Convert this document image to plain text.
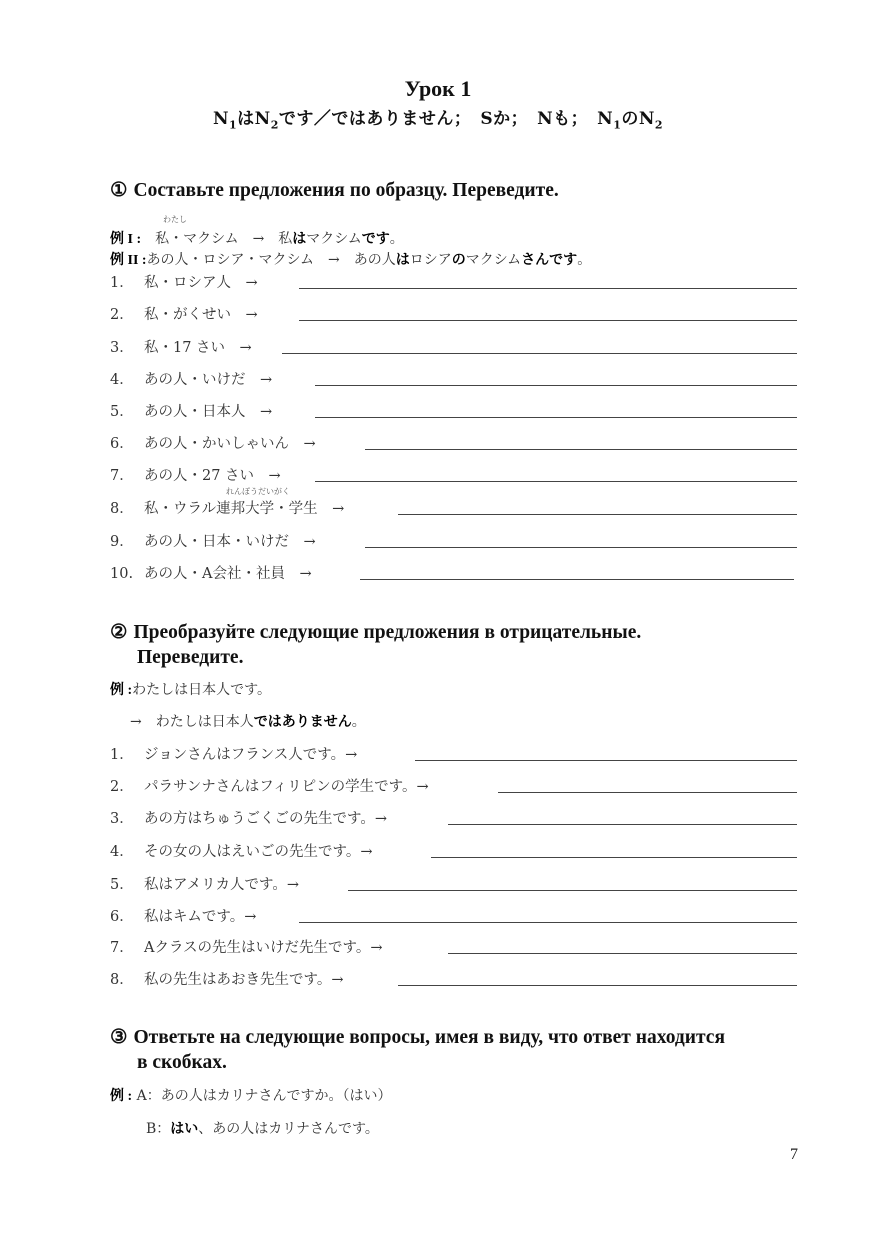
Урок 1
$N_1$は$N_2$です／ではありません；　Sか；　Nも；　$N_1$の$N_2$
① Составьте предложения по образцу. Переведите.
わたし
例 I :　 私・マクシム　→　私はマクシムです。
例 II :あの人・ロシア・マクシム　→　あの人はロシアのマクシムさんです。
れんぽうだいがく
1． 私・ロシア人　→
2． 私・がくせい　→
3． 私・17 さい　→
4． あの人・いけだ　→
5． あの人・日本人　→
6． あの人・かいしゃいん　→
7． あの人・27 さい　→
8． 私・ウラル連邦大学・学生　→
9． あの人・日本・いけだ　→
10. あの人・A会社・社員　→
② Преобразуйте следующие предложения в отрицательные.
Переведите.
例 :わたしは日本人です。
→　わたしは日本人ではありません。
1． ジョンさんはフランス人です。→
2． パラサンナさんはフィリピンの学生です。→
3． あの方はちゅうごくごの先生です。→
4． その女の人はえいごの先生です。→
5． 私はアメリカ人です。→
6． 私はキムです。→
7． Aクラスの先生はいけだ先生です。→
8． 私の先生はあおき先生です。→
③ Ответьте на следующие вопросы, имея в виду, что ответ находится
в скобках.
例 : A：あの人はカリナさんですか。（はい）
B：はい、あの人はカリナさんです。
7
